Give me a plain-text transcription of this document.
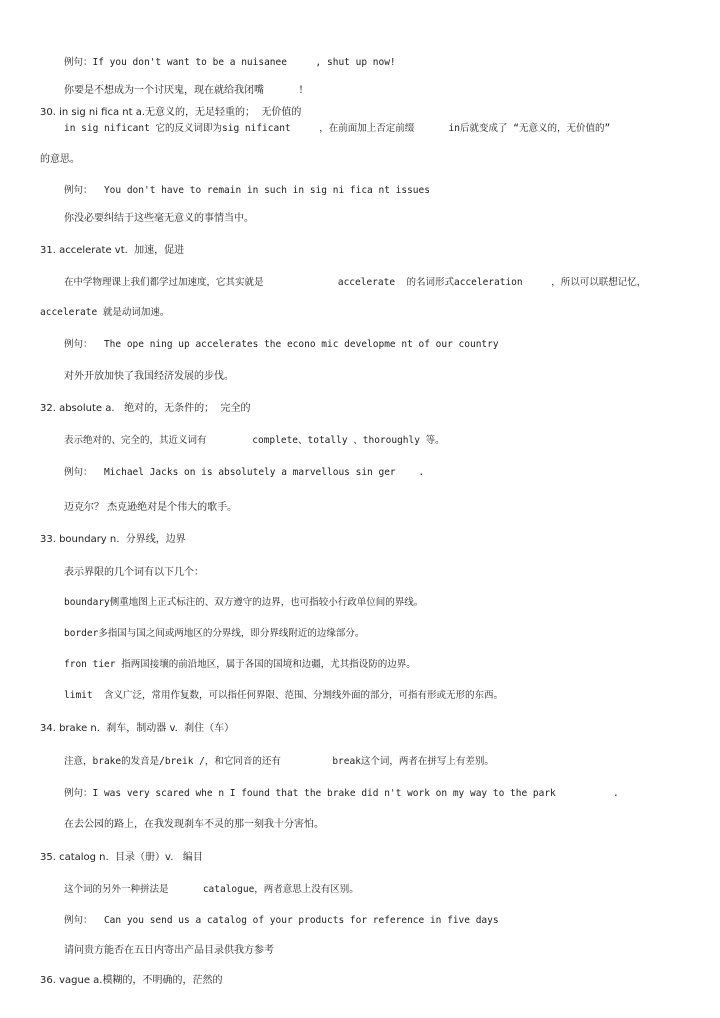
例句：If you don't want to be a nuisanee     , shut up now!
你要是不想成为一个讨厌鬼，现在就给我闭嘴           !
30. in sig ni fica nt a.无意义的，无足轻重的；  无价值的
in sig nificant 它的反义词即为sig nificant     ，在前面加上否定前缀      in后就变成了 “无意义的，无价值的”
的意思。
例句：  You don't have to remain in such in sig ni fica nt issues
你没必要纠结于这些毫无意义的事情当中。
31. accelerate vt.  加速，促进
在中学物理课上我们都学过加速度，它其实就是             accelerate  的名词形式acceleration     ，所以可以联想记忆，
accelerate 就是动词加速。
例句：  The ope ning up accelerates the econo mic developme nt of our country
对外开放加快了我国经济发展的步伐。
32. absolute a.   绝对的，无条件的；  完全的
表示绝对的、完全的，其近义词有        complete、totally 、thoroughly 等。
例句：  Michael Jacks on is absolutely a marvellous sin ger    .
迈克尔？ 杰克逊绝对是个伟大的歌手。
33. boundary n.  分界线，边界
表示界限的几个词有以下几个：
boundary侧重地图上正式标注的、双方遵守的边界，也可指较小行政单位间的界线。
border多指国与国之间或两地区的分界线，即分界线附近的边缘部分。
fron tier 指两国接壤的前沿地区，属于各国的国境和边疆，尤其指设防的边界。
limit  含义广泛，常用作复数，可以指任何界限、范围、分割线外面的部分，可指有形或无形的东西。
34. brake n.  刹车，制动器 v.  刹住（车）
注意，brake的发音是/breik /，和它同音的还有         break这个词，两者在拼写上有差别。
例句：I was very scared whe n I found that the brake did n't work on my way to the park          .
在去公园的路上，在我发现刹车不灵的那一刻我十分害怕。
35. catalog n.  目录（册）v.   编目
这个词的另外一种拼法是      catalogue，两者意思上没有区别。
例句：  Can you send us a catalog of your products for reference in five days
请问贵方能否在五日内寄出产品目录供我方参考
36. vague a.模糊的，不明确的，茫然的
